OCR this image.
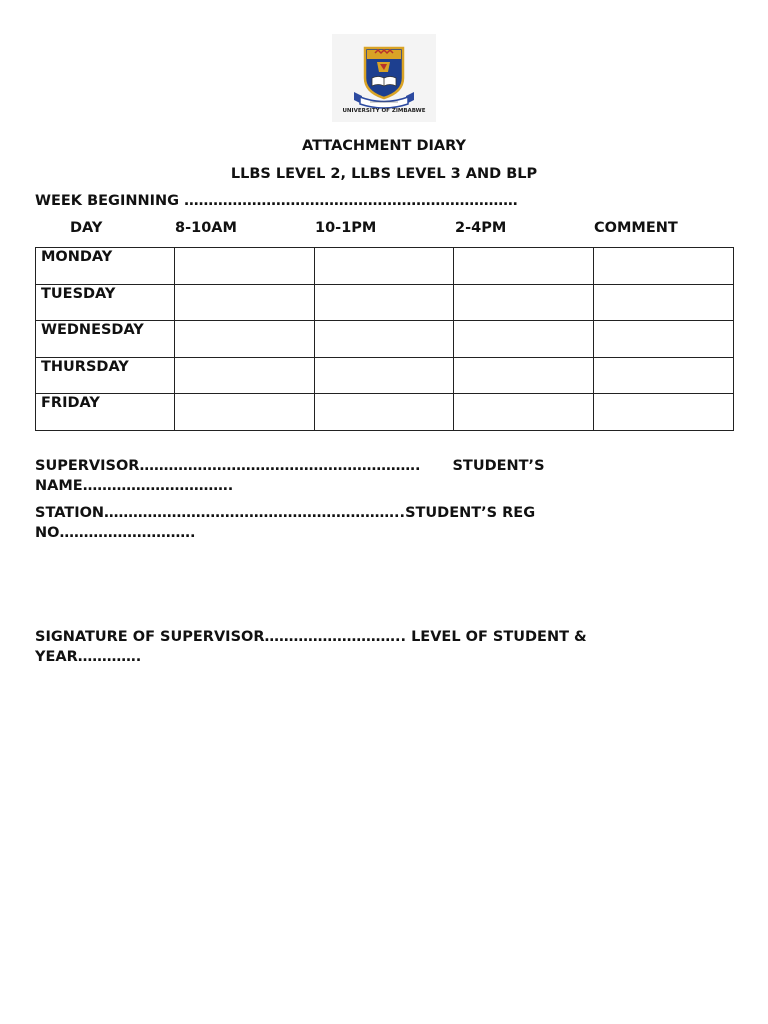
UNIVERSITY OF ZIMBABWE
ATTACHMENT DIARY
LLBS LEVEL 2, LLBS LEVEL 3 AND BLP
WEEK BEGINNING ……………………………………………………………
DAY	8-10AM	10-1PM	2-4PM	COMMENT
MONDAY				
TUESDAY				
WEDNESDAY				
THURSDAY				
FRIDAY				
SUPERVISOR…………………………………………………. STUDENT’S
NAME………………………….
STATION……………………………………………………..STUDENT’S REG
NO……………………….
SIGNATURE OF SUPERVISOR……………………….. LEVEL OF STUDENT &
YEAR………….
